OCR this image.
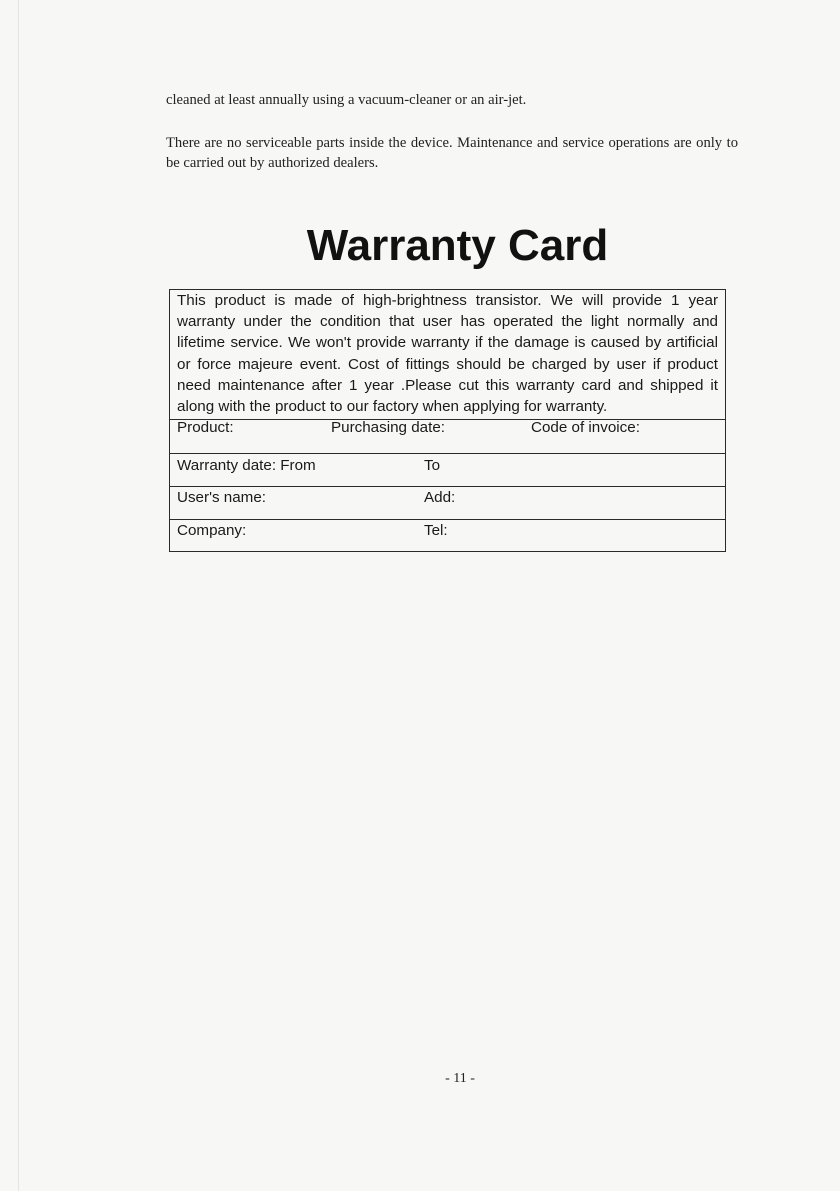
cleaned at least annually using a vacuum-cleaner or an air-jet.
There are no serviceable parts inside the device. Maintenance and service operations are only to be carried out by authorized dealers.
Warranty Card
This product is made of high-brightness transistor. We will provide 1 year warranty under the condition that user has operated the light normally and lifetime service. We won't provide warranty if the damage is caused by artificial or force majeure event. Cost of fittings should be charged by user if product need maintenance after 1 year .Please cut this warranty card and shipped it along with the product to our factory when applying for warranty.
Product:	Purchasing date:	Code of invoice:
Warranty date: From	To
User's name:	Add:
Company:	Tel:
- 11 -
